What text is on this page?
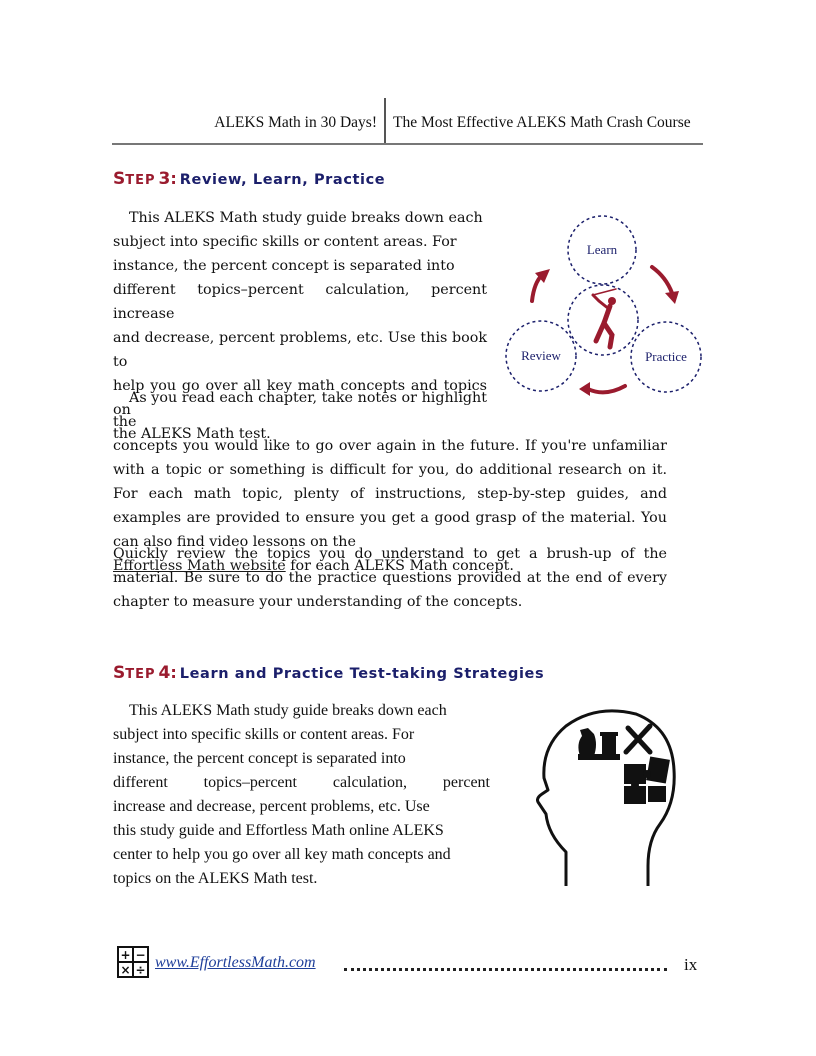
ALEKS Math in 30 Days! The Most Effective ALEKS Math Crash Course
STEP 3: Review, Learn, Practice
This ALEKS Math study guide breaks down each
subject into specific skills or content areas. For
instance, the percent concept is separated into
different topics–percent calculation, percent increase
and decrease, percent problems, etc. Use this book to
help you go over all key math concepts and topics on
the ALEKS Math test.
Learn
Review	Practice
As you read each chapter, take notes or highlight the
concepts you would like to go over again in the future. If you're unfamiliar with a topic or something is difficult for you, do additional research on it. For each math topic, plenty of instructions, step-by-step guides, and examples are provided to ensure you get a good grasp of the material. You can also find video lessons on the
Effortless Math website for each ALEKS Math concept.
Quickly review the topics you do understand to get a brush-up of the material. Be sure to do the practice questions provided at the end of every chapter to measure your understanding of the concepts.
STEP 4: Learn and Practice Test-taking Strategies
This ALEKS Math study guide breaks down each
subject into specific skills or content areas. For
instance, the percent concept is separated into
different topics–percent calculation, percent
increase and decrease, percent problems, etc. Use
this study guide and Effortless Math online ALEKS
center to help you go over all key math concepts and
topics on the ALEKS Math test.
+ −
× ÷ www.EffortlessMath.com	ix
